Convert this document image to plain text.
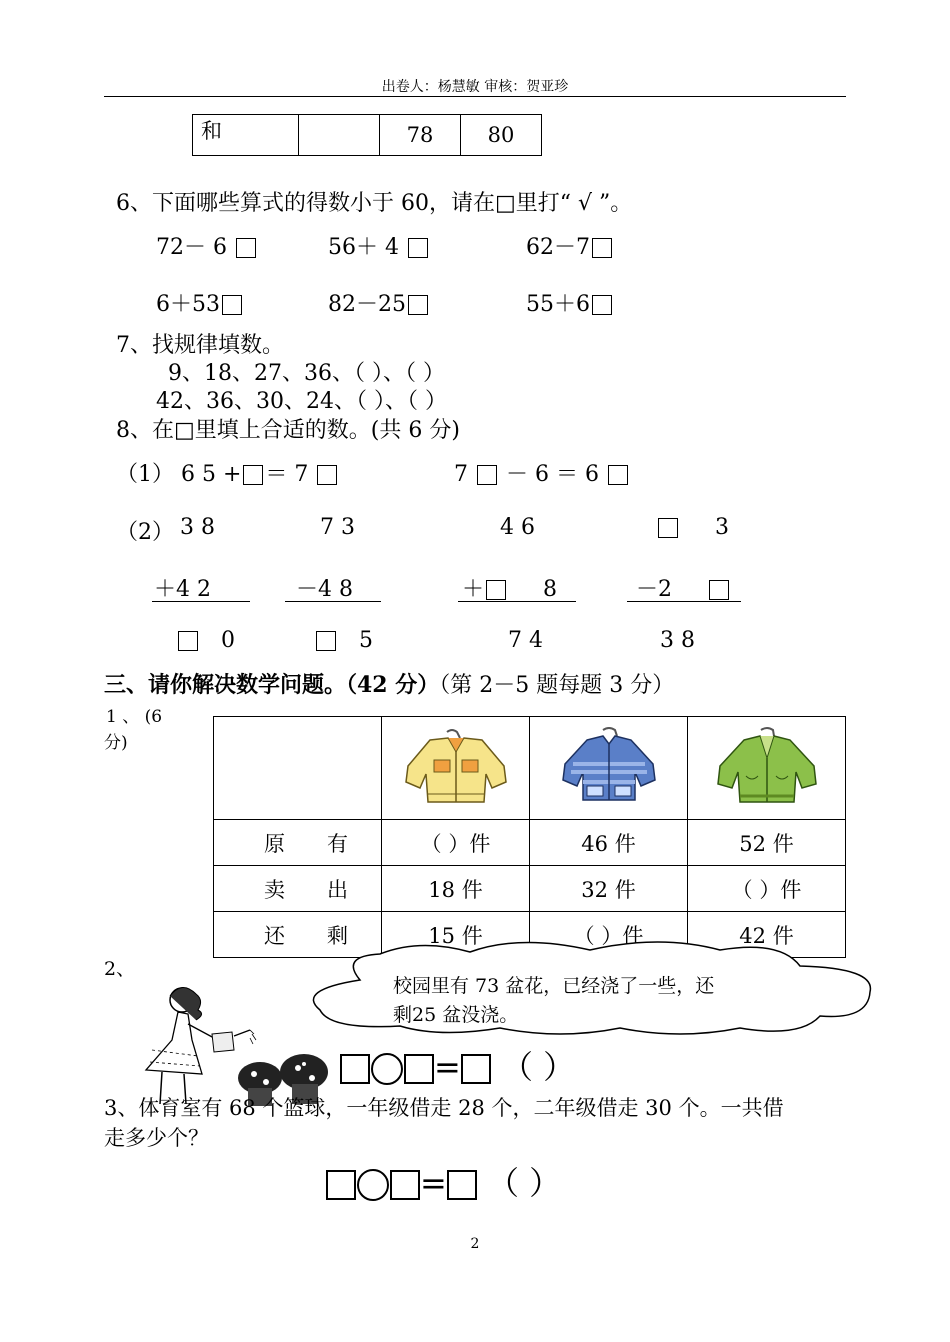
出卷人：杨慧敏 审核：贺亚珍
和		78	80
6、下面哪些算式的得数小于 60，请在□里打“ √ ”。
72－ 6	56＋ 4	62－7
6＋53	82－25	55＋6
7、找规律填数。
9、18、27、36、（ ）、（ ）
42、36、30、24、（ ）、（ ）
8、在□里填上合适的数。(共 6 分)
（1） 6 5 + ＝ 7	7 － 6 ＝ 6
（2） 3 8
＋4 2
0
7 3
－4 8
5
4 6
＋	8
7 4
3
－2
3 8
三、请你解决数学问题。（42 分）（第 2－5 题每题 3 分）
1 、 (6
分)

原 有	（ ）件	46 件	52 件
卖 出	18 件	32 件	（ ）件
还 剩	15 件	（ ）件	42 件
2、
校园里有 73 盆花，已经浇了一些，还剩25 盆没浇。
= （ ）
3、体育室有 68 个篮球，一年级借走 28 个，二年级借走 30 个。一共借
走多少个？
= （ ）
2
